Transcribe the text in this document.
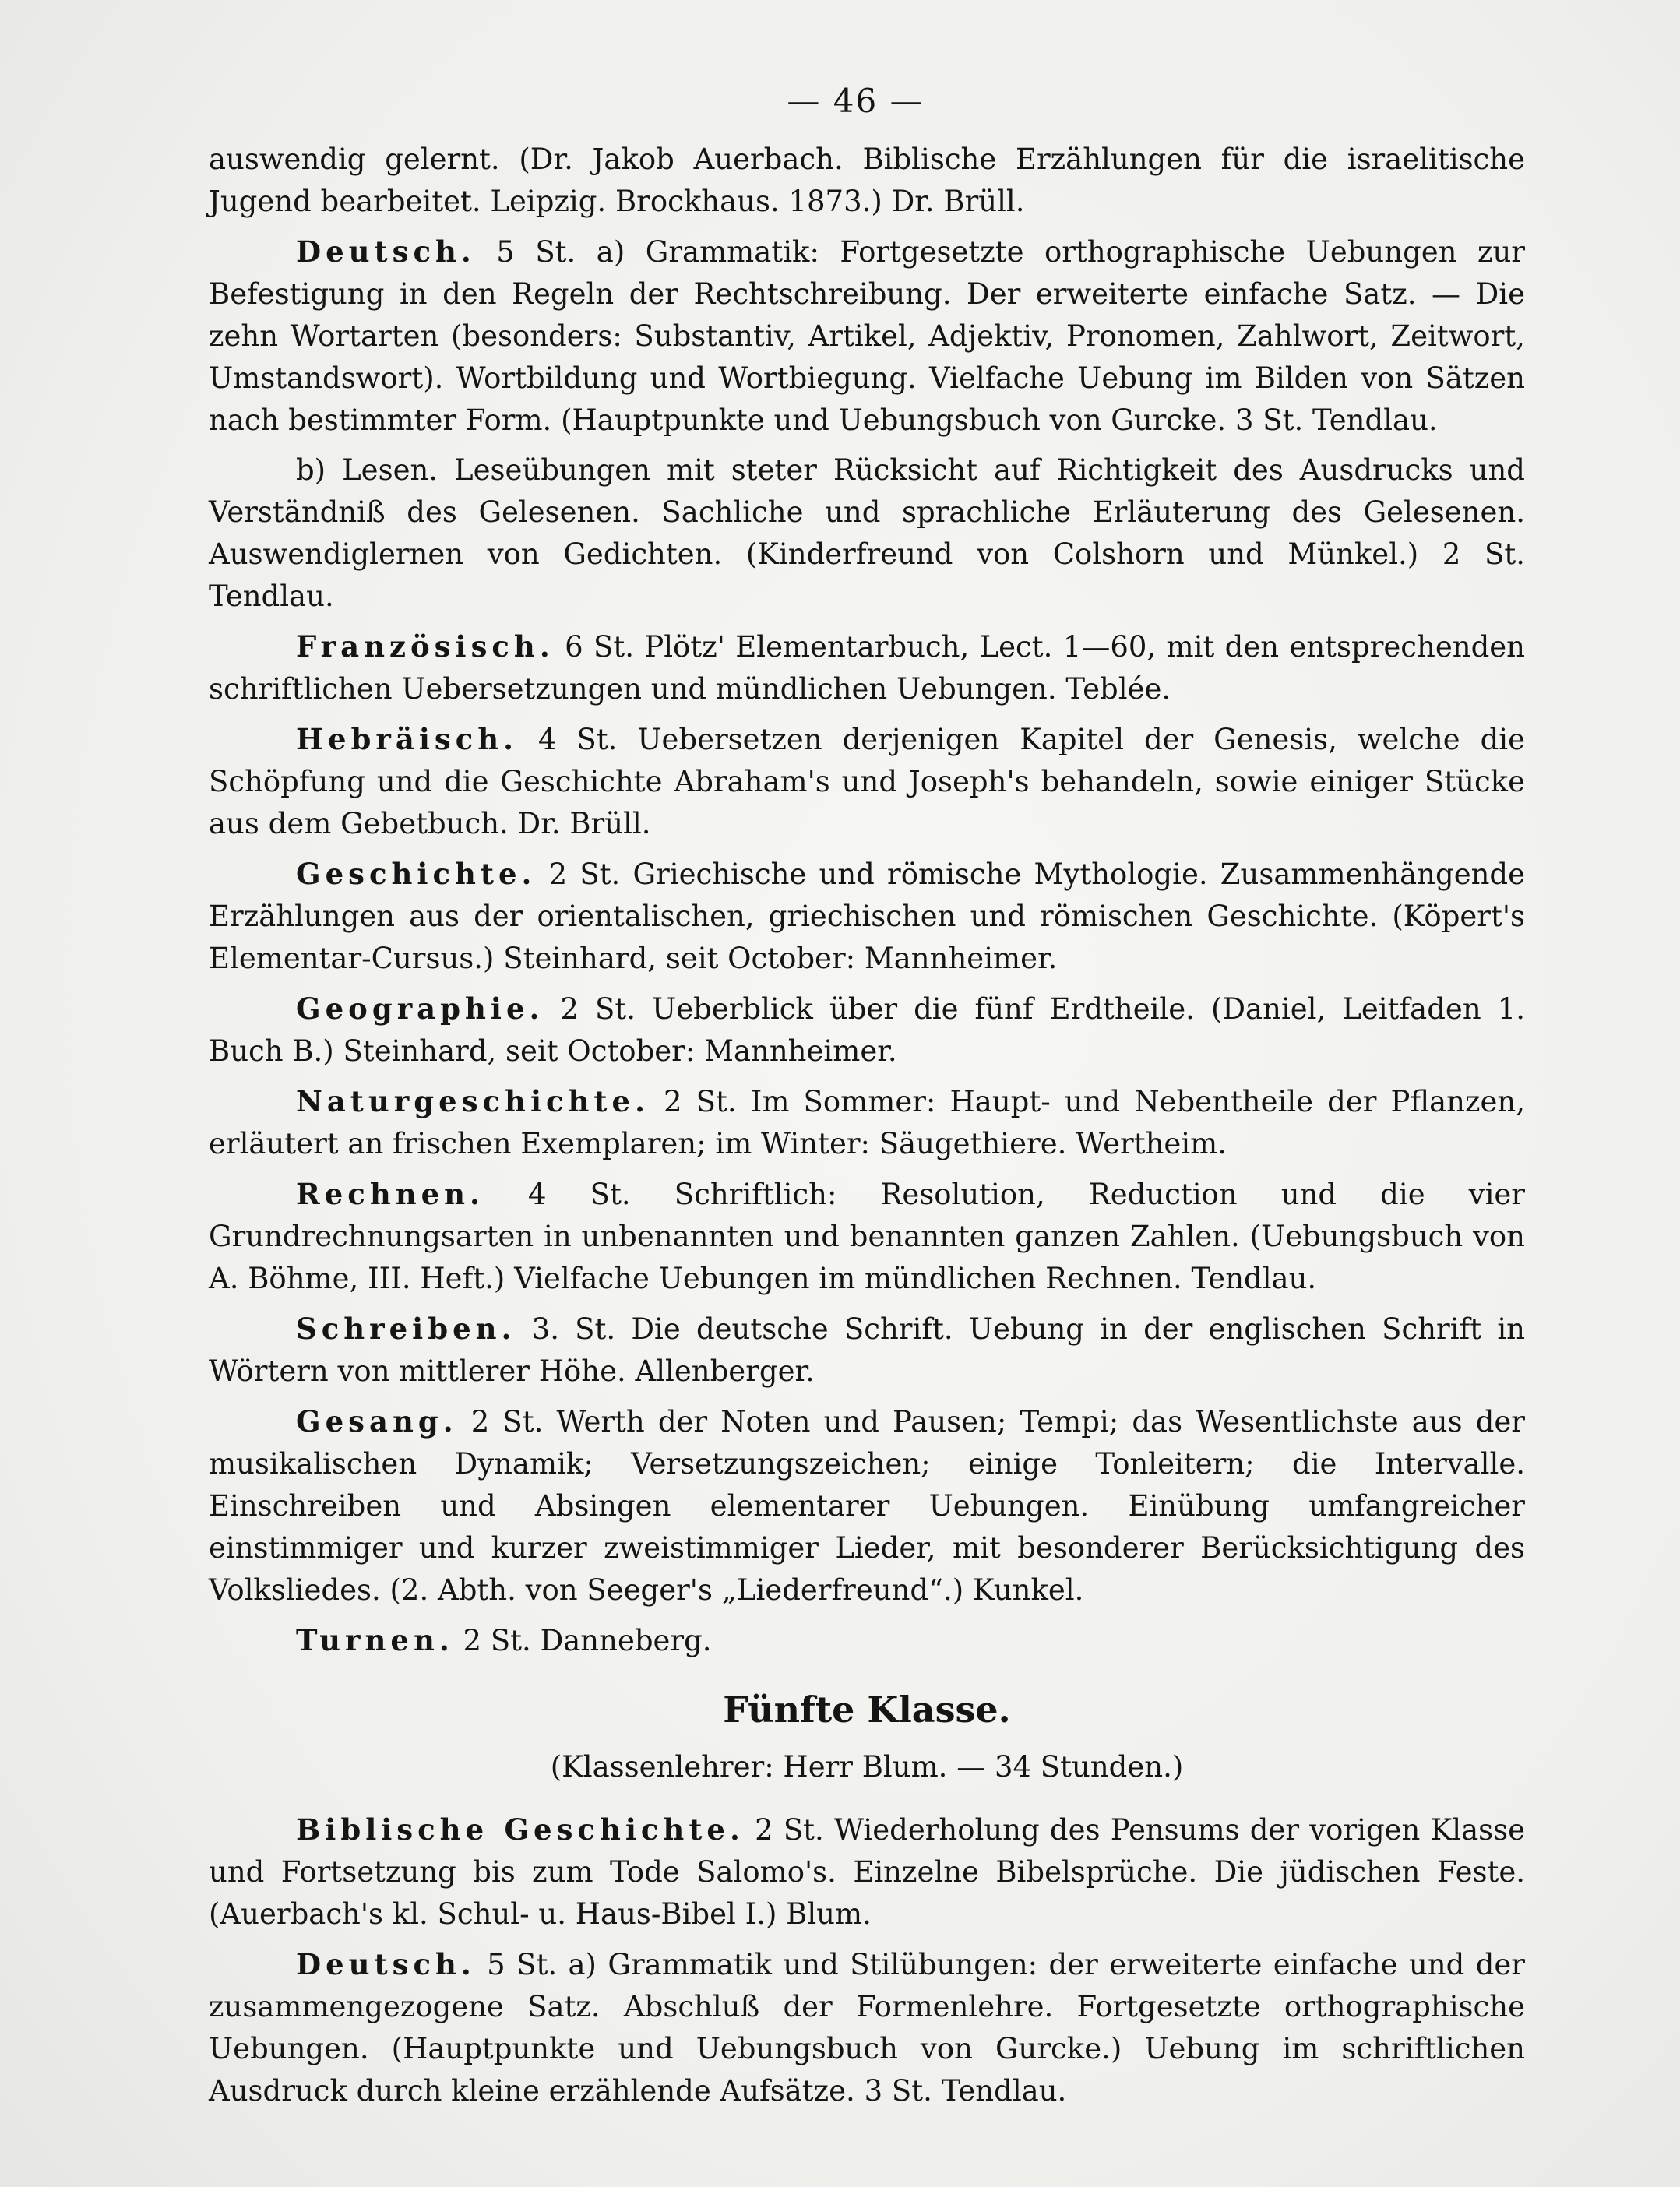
— 46 —

auswendig gelernt. (Dr. Jakob Auerbach. Biblische Erzählungen für die israelitische Jugend bearbeitet. Leipzig. Brockhaus. 1873.) Dr. Brüll.

Deutsch. 5 St. a) Grammatik: Fortgesetzte orthographische Uebungen zur Befestigung in den Regeln der Rechtschreibung. Der erweiterte einfache Satz. — Die zehn Wortarten (besonders: Substantiv, Artikel, Adjektiv, Pronomen, Zahlwort, Zeitwort, Umstandswort). Wortbildung und Wortbiegung. Vielfache Uebung im Bilden von Sätzen nach bestimmter Form. (Hauptpunkte und Uebungsbuch von Gurcke. 3 St. Tendlau.

b) Lesen. Leseübungen mit steter Rücksicht auf Richtigkeit des Ausdrucks und Verständniß des Gelesenen. Sachliche und sprachliche Erläuterung des Gelesenen. Auswendiglernen von Gedichten. (Kinderfreund von Colshorn und Münkel.) 2 St. Tendlau.

Französisch. 6 St. Plötz' Elementarbuch, Lect. 1—60, mit den entsprechenden schriftlichen Uebersetzungen und mündlichen Uebungen. Teblée.

Hebräisch. 4 St. Uebersetzen derjenigen Kapitel der Genesis, welche die Schöpfung und die Geschichte Abraham's und Joseph's behandeln, sowie einiger Stücke aus dem Gebetbuch. Dr. Brüll.

Geschichte. 2 St. Griechische und römische Mythologie. Zusammenhängende Erzählungen aus der orientalischen, griechischen und römischen Geschichte. (Köpert's Elementar-Cursus.) Steinhard, seit October: Mannheimer.

Geographie. 2 St. Ueberblick über die fünf Erdtheile. (Daniel, Leitfaden 1. Buch B.) Steinhard, seit October: Mannheimer.

Naturgeschichte. 2 St. Im Sommer: Haupt- und Nebentheile der Pflanzen, erläutert an frischen Exemplaren; im Winter: Säugethiere. Wertheim.

Rechnen. 4 St. Schriftlich: Resolution, Reduction und die vier Grundrechnungsarten in unbenannten und benannten ganzen Zahlen. (Uebungsbuch von A. Böhme, III. Heft.) Vielfache Uebungen im mündlichen Rechnen. Tendlau.

Schreiben. 3. St. Die deutsche Schrift. Uebung in der englischen Schrift in Wörtern von mittlerer Höhe. Allenberger.

Gesang. 2 St. Werth der Noten und Pausen; Tempi; das Wesentlichste aus der musikalischen Dynamik; Versetzungszeichen; einige Tonleitern; die Intervalle. Einschreiben und Absingen elementarer Uebungen. Einübung umfangreicher einstimmiger und kurzer zweistimmiger Lieder, mit besonderer Berücksichtigung des Volksliedes. (2. Abth. von Seeger's „Liederfreund“.) Kunkel.

Turnen. 2 St. Danneberg.

Fünfte Klasse.
(Klassenlehrer: Herr Blum. — 34 Stunden.)

Biblische Geschichte. 2 St. Wiederholung des Pensums der vorigen Klasse und Fortsetzung bis zum Tode Salomo's. Einzelne Bibelsprüche. Die jüdischen Feste. (Auerbach's kl. Schul- u. Haus-Bibel I.) Blum.

Deutsch. 5 St. a) Grammatik und Stilübungen: der erweiterte einfache und der zusammengezogene Satz. Abschluß der Formenlehre. Fortgesetzte orthographische Uebungen. (Hauptpunkte und Uebungsbuch von Gurcke.) Uebung im schriftlichen Ausdruck durch kleine erzählende Aufsätze. 3 St. Tendlau.
